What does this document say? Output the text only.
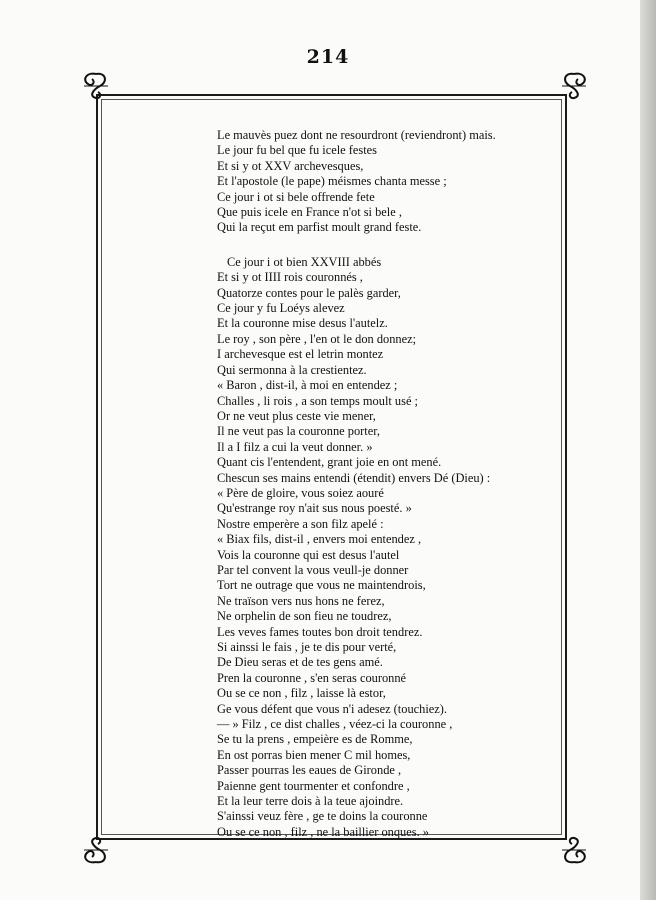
214
Le mauvès puez dont ne resourdront (reviendront) mais.
Le jour fu bel que fu icele festes
Et si y ot XXV archevesques,
Et l'apostole (le pape) méismes chanta messe ;
Ce jour i ot si bele offrende fete
Que puis icele en France n'ot si bele ,
Qui la reçut em parfist moult grand feste.
Ce jour i ot bien XXVIII abbés
Et si y ot IIII rois couronnés ,
Quatorze contes pour le palès garder,
Ce jour y fu Loéys alevez
Et la couronne mise desus l'autelz.
Le roy , son père , l'en ot le don donnez;
I archevesque est el letrin montez
Qui sermonna à la crestientez.
« Baron , dist-il, à moi en entendez ;
Challes , li rois , a son temps moult usé ;
Or ne veut plus ceste vie mener,
Il ne veut pas la couronne porter,
Il a I filz a cui la veut donner. »
Quant cis l'entendent, grant joie en ont mené.
Chescun ses mains entendi (étendit) envers Dé (Dieu) :
« Père de gloire, vous soiez aouré
Qu'estrange roy n'ait sus nous poesté. »
Nostre emperère a son filz apelé :
« Biax fils, dist-il , envers moi entendez ,
Vois la couronne qui est desus l'autel
Par tel convent la vous veull-je donner
Tort ne outrage que vous ne maintendrois,
Ne traïson vers nus hons ne ferez,
Ne orphelin de son fieu ne toudrez,
Les veves fames toutes bon droit tendrez.
Si ainssi le fais , je te dis pour verté,
De Dieu seras et de tes gens amé.
Pren la couronne , s'en seras couronné
Ou se ce non , filz , laisse là estor,
Ge vous défent que vous n'i adesez (touchiez).
— » Filz , ce dist challes , véez-ci la couronne ,
Se tu la prens , empeière es de Romme,
En ost porras bien mener C mil homes,
Passer pourras les eaues de Gironde ,
Paienne gent tourmenter et confondre ,
Et la leur terre dois à la teue ajoindre.
S'ainssi veuz fère , ge te doins la couronne
Ou se ce non , filz , ne la baillier onques. »
